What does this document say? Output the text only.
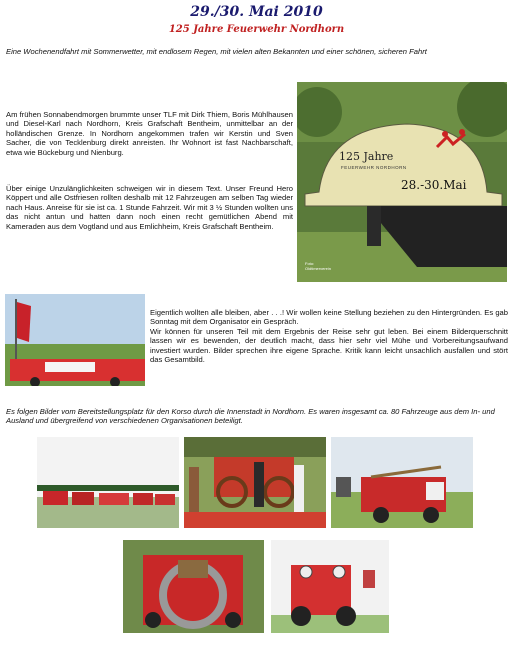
29./30. Mai 2010
125 Jahre Feuerwehr Nordhorn

Eine Wochenendfahrt mit Sommerwetter, mit endlosem Regen, mit vielen alten Bekannten und einer schönen, sicheren Fahrt

Am frühen Sonnabendmorgen brummte unser TLF mit Dirk Thiem, Boris Mühlhausen und Diesel-Karl nach Nordhorn, Kreis Grafschaft Bentheim, unmittelbar an der holländischen Grenze. In Nordhorn angekommen trafen wir Kerstin und Sven Sacher, die von Tecklenburg direkt anreisten. Ihr Wohnort ist fast Nachbarschaft, etwa wie Bückeburg und Nienburg.

Über einige Unzulänglichkeiten schweigen wir in diesem Text. Unser Freund Hero Köppert und alle Ostfriesen rollten deshalb mit 12 Fahrzeugen am selben Tag wieder nach Haus. Anreise für sie ist ca. 1 Stunde Fahrzeit. Wir mit 3 ½ Stunden wollten uns das nicht antun und hatten dann noch einen recht gemütlichen Abend mit Kameraden aus dem Vogtland und aus Emlichheim, Kreis Grafschaft Bentheim.

125 Jahre
FEUERWEHR NORDHORN
28.-30.Mai
Foto:
Oldtimerverein

Eigentlich wollten alle bleiben, aber . . .! Wir wollen keine Stellung beziehen zu den Hintergründen. Es gab Sonntag mit dem Organisator ein Gespräch.

Wir können für unseren Teil mit dem Ergebnis der Reise sehr gut leben. Bei einem Bilderquerschnitt lassen wir es bewenden, der deutlich macht, dass hier sehr viel Mühe und Vorbereitungsaufwand investiert wurden. Bilder sprechen ihre eigene Sprache. Kritik kann leicht unsachlich ausfallen und stört das Gesamtbild.

Es folgen Bilder vom Bereitstellungsplatz für den Korso durch die Innenstadt in Nordhorn. Es waren insgesamt ca. 80 Fahrzeuge aus dem In- und Ausland und übergreifend von verschiedenen Organisationen beteiligt.
